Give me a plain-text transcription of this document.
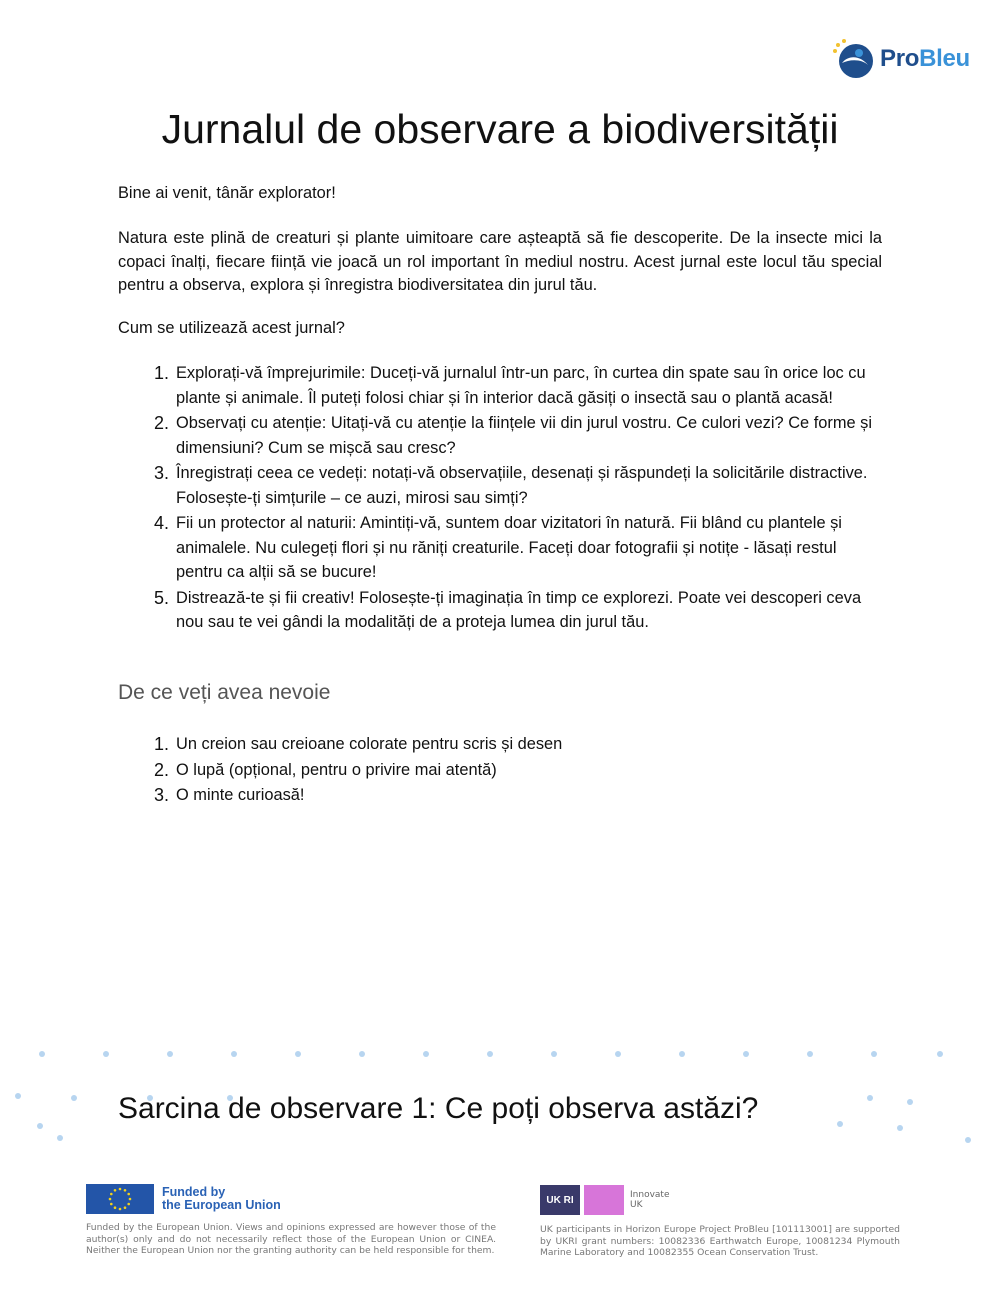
ProBleu
Jurnalul de observare a biodiversității

Bine ai venit, tânăr explorator!

Natura este plină de creaturi și plante uimitoare care așteaptă să fie descoperite. De la insecte mici la copaci înalți, fiecare ființă vie joacă un rol important în mediul nostru. Acest jurnal este locul tău special pentru a observa, explora și înregistra biodiversitatea din jurul tău.

Cum se utilizează acest jurnal?

1. Explorați-vă împrejurimile: Duceți-vă jurnalul într-un parc, în curtea din spate sau în orice loc cu plante și animale. Îl puteți folosi chiar și în interior dacă găsiți o insectă sau o plantă acasă!
2. Observați cu atenție: Uitați-vă cu atenție la ființele vii din jurul vostru. Ce culori vezi? Ce forme și dimensiuni? Cum se mișcă sau cresc?
3. Înregistrați ceea ce vedeți: notați-vă observațiile, desenați și răspundeți la solicitările distractive. Folosește-ți simțurile – ce auzi, mirosi sau simți?
4. Fii un protector al naturii: Amintiți-vă, suntem doar vizitatori în natură. Fii blând cu plantele și animalele. Nu culegeți flori și nu răniți creaturile. Faceți doar fotografii și notițe - lăsați restul pentru ca alții să se bucure!
5. Distrează-te și fii creativ! Folosește-ți imaginația în timp ce explorezi. Poate vei descoperi ceva nou sau te vei gândi la modalități de a proteja lumea din jurul tău.
De ce veți avea nevoie
1. Un creion sau creioane colorate pentru scris și desen
2. O lupă (opțional, pentru o privire mai atentă)
3. O minte curioasă!
Sarcina de observare 1: Ce poți observa astăzi?
Funded by
the European Union
Funded by the European Union. Views and opinions expressed are however those of the author(s) only and do not necessarily reflect those of the European Union or CINEA. Neither the European Union nor the granting authority can be held responsible for them.
UK RI	Innovate
UK
UK participants in Horizon Europe Project ProBleu [101113001] are supported by UKRI grant numbers: 10082336 Earthwatch Europe, 10081234 Plymouth Marine Laboratory and 10082355 Ocean Conservation Trust.
